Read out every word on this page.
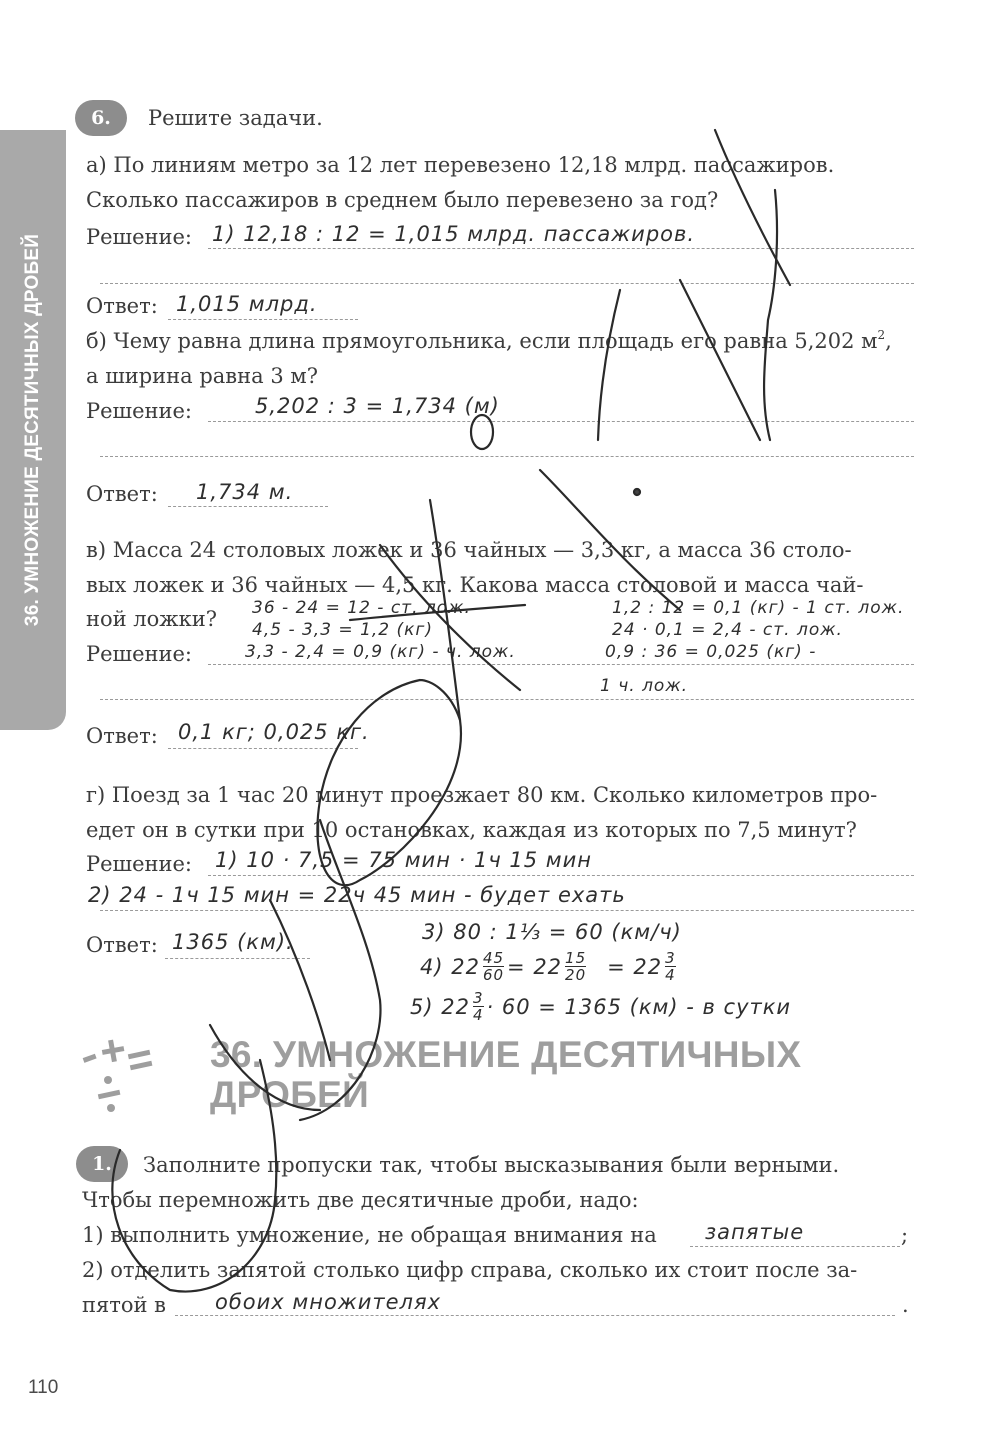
36. УМНОЖЕНИЕ ДЕСЯТИЧНЫХ ДРОБЕЙ
6.	Решите задачи.
а) По линиям метро за 12 лет перевезено 12,18 млрд. пассажиров.
Сколько пассажиров в среднем было перевезено за год?
Решение: 1) 12,18 : 12 = 1,015 млрд. пассажиров.
Ответ: 1,015 млрд.
б) Чему равна длина прямоугольника, если площадь его равна 5,202 $м^2$,
а ширина равна 3 м?
Решение:	5,202 : 3 = 1,734 (м)
Ответ: 1,734 м.
в) Масса 24 столовых ложек и 36 чайных — 3,3 кг, а масса 36 столо-
вых ложек и 36 чайных — 4,5 кг. Какова масса столовой и масса чай-
ной ложки?
Решение:
36 - 24 = 12 - ст. лож.
4,5 - 3,3 = 1,2 (кг)
3,3 - 2,4 = 0,9 (кг) - ч. лож.
1,2 : 12 = 0,1 (кг) - 1 ст. лож.
24 · 0,1 = 2,4 - ст. лож.
0,9 : 36 = 0,025 (кг) -
1 ч. лож.
Ответ: 0,1 кг; 0,025 кг.
г) Поезд за 1 час 20 минут проезжает 80 км. Сколько километров про-
едет он в сутки при 10 остановках, каждая из которых по 7,5 минут?
Решение: 1) 10 · 7,5 = 75 мин · 1ч 15 мин
2) 24 - 1ч 15 мин = 22ч 45 мин - будет ехать
Ответ: 1365 (км).	3) 80 : 1⅓ = 60 (км/ч)
4) $22 \frac{45}{60} = 22 \frac{15}{20} = 22 \frac{3}{4}$
5) $22 \frac{3}{4} \cdot 60 = 1365$ (км) - в сутки
36. УМНОЖЕНИЕ ДЕСЯТИЧНЫХ
ДРОБЕЙ
1.	Заполните пропуски так, чтобы высказывания были верными.
Чтобы перемножить две десятичные дроби, надо:
1) выполнить умножение, не обращая внимания на запятые	;
2) отделить запятой столько цифр справа, сколько их стоит после за-
пятой в обоих множителях	.
110
